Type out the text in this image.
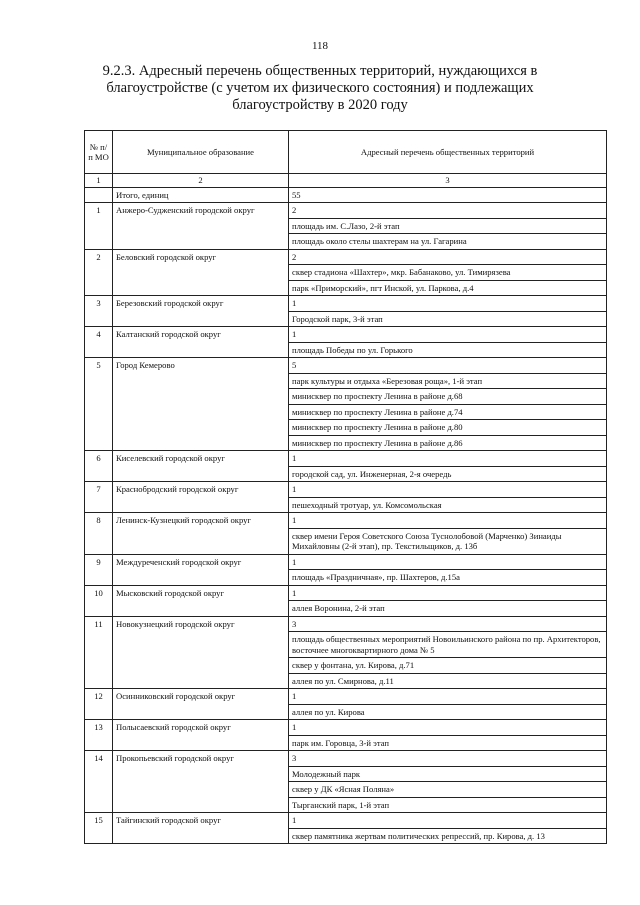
118
9.2.3. Адресный перечень общественных территорий, нуждающихся в
благоустройстве (с учетом их физического состояния) и подлежащих
благоустройству в 2020 году
№ п/п МО	Муниципальное образование	Адресный перечень общественных территорий
1	2	3
	Итого, единиц	55
1	Анжеро-Судженский городской округ	2
		площадь им. С.Лазо, 2-й этап
		площадь около стелы шахтерам на ул. Гагарина
2	Беловский городской округ	2
		сквер стадиона «Шахтер», мкр. Бабанаково, ул. Тимирязева
		парк «Приморский», пгт Инской, ул. Паркова, д.4
3	Березовский городской округ	1
		Городской парк, 3-й этап
4	Калтанский городской округ	1
		площадь Победы по ул. Горького
5	Город Кемерово	5
		парк культуры и отдыха «Березовая роща», 1-й этап
		минисквер по проспекту Ленина в районе д.68
		минисквер по проспекту Ленина в районе д.74
		минисквер по проспекту Ленина в районе д.80
		минисквер по проспекту Ленина в районе д.86
6	Киселевский городской округ	1
		городской сад, ул. Инженерная, 2-я очередь
7	Краснобродский городской округ	1
		пешеходный тротуар, ул. Комсомольская
8	Ленинск-Кузнецкий городской округ	1
		сквер имени Героя Советского Союза Туснолобовой (Марченко) Зинаиды Михайловны (2-й этап), пр. Текстильщиков, д. 13б
9	Междуреченский городской округ	1
		площадь «Праздничная», пр. Шахтеров, д.15а
10	Мысковский городской округ	1
		аллея Воронина, 2-й этап
11	Новокузнецкий городской округ	3
		площадь общественных мероприятий Новоильинского района по пр. Архитекторов, восточнее многоквартирного дома № 5
		сквер у фонтана, ул. Кирова, д.71
		аллея по ул. Смирнова, д.11
12	Осинниковский городской округ	1
		аллея по ул. Кирова
13	Полысаевский городской округ	1
		парк им. Горовца, 3-й этап
14	Прокопьевский городской округ	3
		Молодежный парк
		сквер у ДК «Ясная Поляна»
		Тырганский парк, 1-й этап
15	Тайгинский городской округ	1
		сквер памятника жертвам политических репрессий, пр. Кирова, д. 13
